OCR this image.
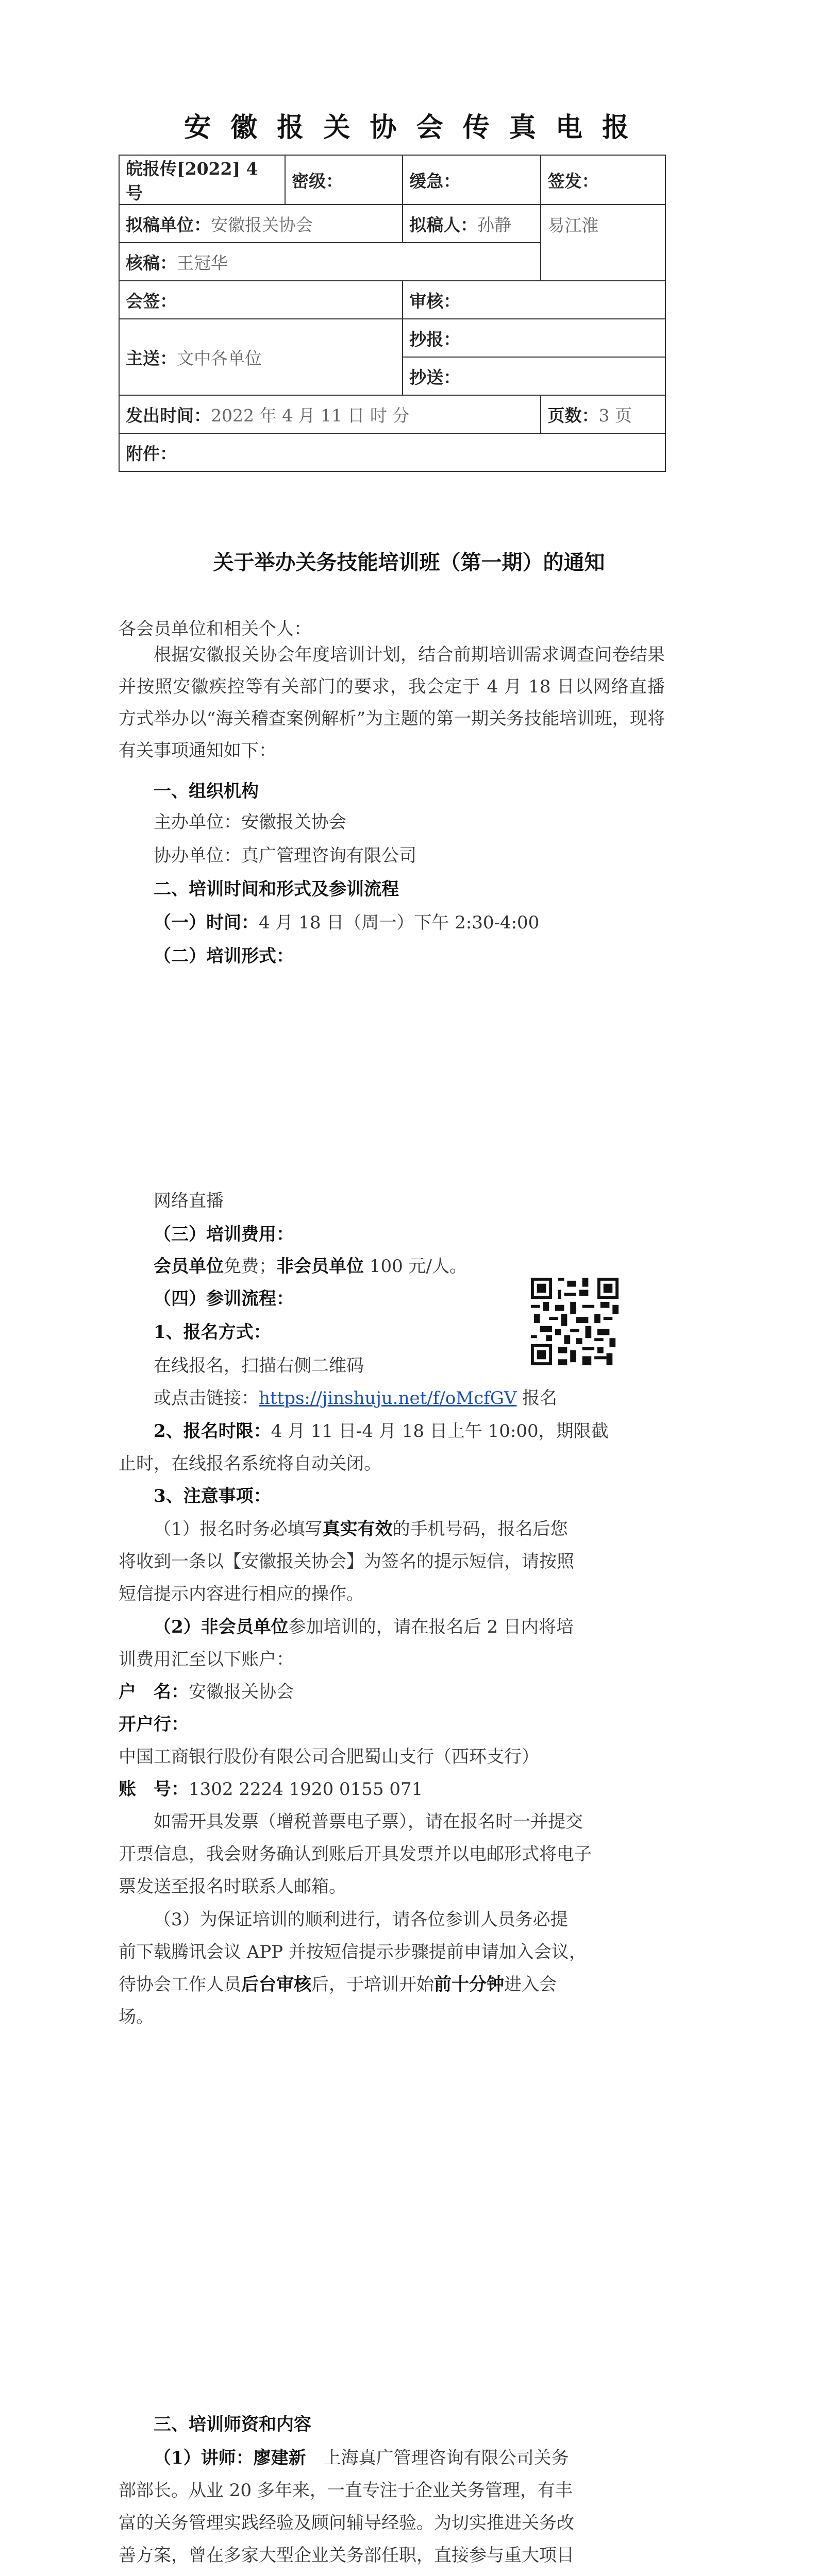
安 徽 报 关 协 会 传 真 电 报
皖报传[2022] 4 号	密级：	缓急：	签发：
拟稿单位：安徽报关协会		拟稿人：孙静	易江淮
核稿：王冠华			
会签：		审核：	
主送：文中各单位		抄报：	
		抄送：	
发出时间：2022 年 4 月 11 日 时 分			页数：3 页
附件：			
关于举办关务技能培训班（第一期）的通知
各会员单位和相关个人：
根据安徽报关协会年度培训计划，结合前期培训需求调查问卷结果并按照安徽疾控等有关部门的要求，我会定于 4 月 18 日以网络直播方式举办以“海关稽查案例解析”为主题的第一期关务技能培训班，现将有关事项通知如下：
一、组织机构
主办单位：安徽报关协会
协办单位：真广管理咨询有限公司
二、培训时间和形式及参训流程
（一）时间：4 月 18 日（周一）下午 2:30-4:00
（二）培训形式：
网络直播
（三）培训费用：
会员单位免费；非会员单位 100 元/人。
（四）参训流程：
1、报名方式：
在线报名，扫描右侧二维码
或点击链接：https://jinshuju.net/f/oMcfGV 报名
2、报名时限：4 月 11 日-4 月 18 日上午 10:00，期限截
止时，在线报名系统将自动关闭。
3、注意事项：
（1）报名时务必填写真实有效的手机号码，报名后您
将收到一条以【安徽报关协会】为签名的提示短信，请按照
短信提示内容进行相应的操作。
（2）非会员单位参加培训的，请在报名后 2 日内将培
训费用汇至以下账户：
户　名：安徽报关协会
开户行：
中国工商银行股份有限公司合肥蜀山支行（西环支行）
账　号：1302 2224 1920 0155 071
如需开具发票（增税普票电子票），请在报名时一并提交
开票信息，我会财务确认到账后开具发票并以电邮形式将电子
票发送至报名时联系人邮箱。
（3）为保证培训的顺利进行，请各位参训人员务必提
前下载腾讯会议 APP 并按短信提示步骤提前申请加入会议，
待协会工作人员后台审核后，于培训开始前十分钟进入会
场。
三、培训师资和内容
（1）讲师：廖建新　上海真广管理咨询有限公司关务
部部长。从业 20 多年来，一直专注于企业关务管理，有丰
富的关务管理实践经验及顾问辅导经验。为切实推进关务改
善方案，曾在多家大型企业关务部任职，直接参与重大项目
